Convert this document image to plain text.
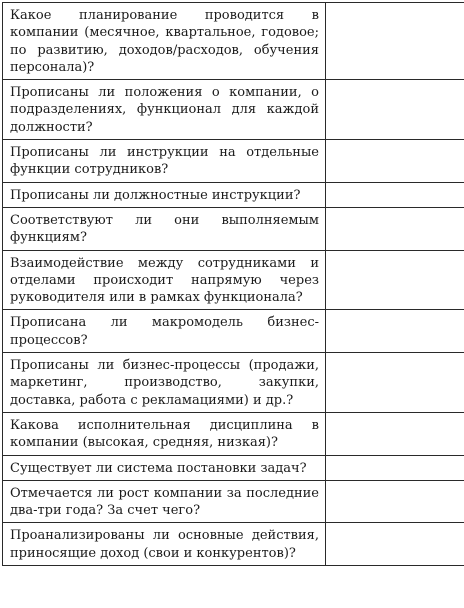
Какое планирование проводится в компании (месячное, квартальное, годовое; по развитию, доходов/расходов, обучения персонала)?	
Прописаны ли положения о компании, о подразделениях, функционал для каждой должности?	
Прописаны ли инструкции на отдельные функции сотрудников?	
Прописаны ли должностные инструкции?	
Соответствуют ли они выполняемым функциям?	
Взаимодействие между сотрудниками и отделами происходит напрямую через руководителя или в рамках функционала?	
Прописана ли макромодель бизнес-процессов?	
Прописаны ли бизнес-процессы (продажи, маркетинг, производство, закупки, доставка, работа с рекламациями) и др.?	
Какова исполнительная дисциплина в компании (высокая, средняя, низкая)?	
Существует ли система постановки задач?	
Отмечается ли рост компании за последние два-три года? За счет чего?	
Проанализированы ли основные действия, приносящие доход (свои и конкурентов)?	
